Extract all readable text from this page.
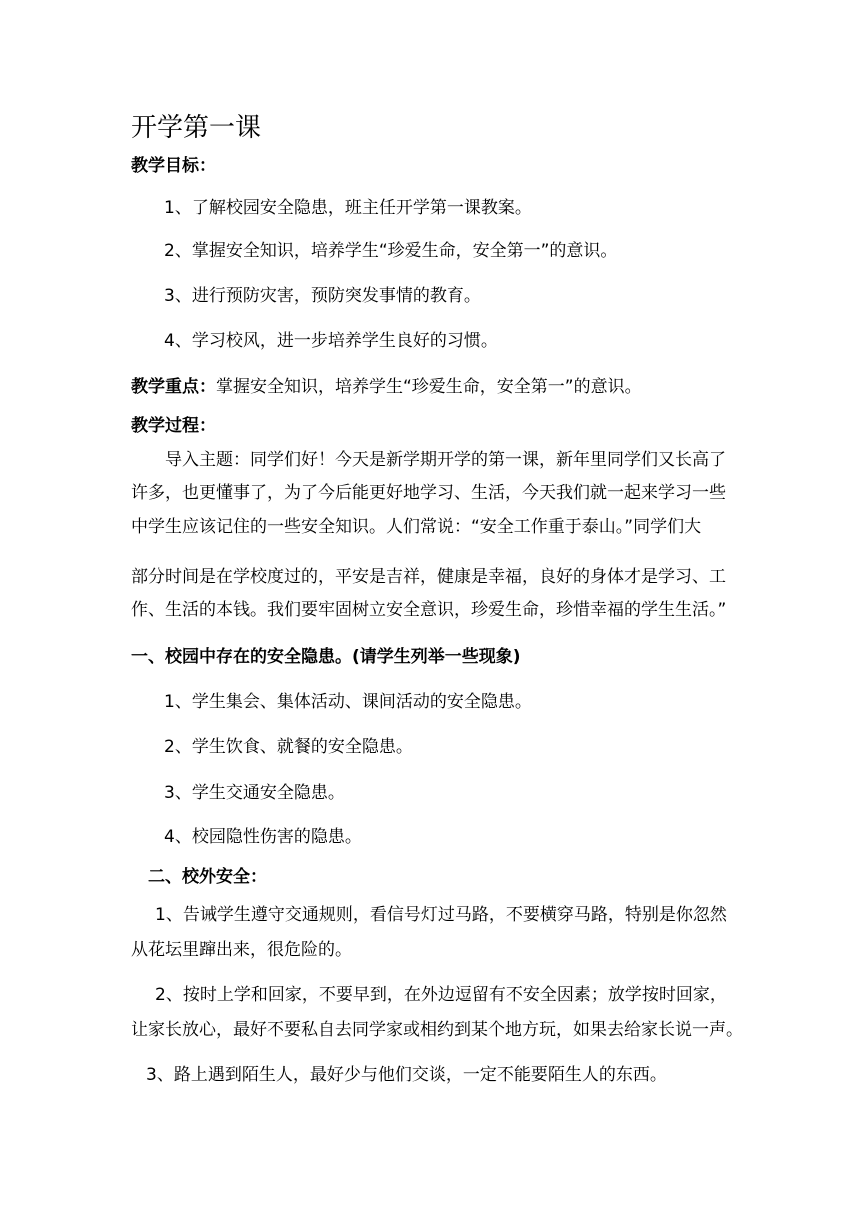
开学第一课
教学目标：
1、了解校园安全隐患，班主任开学第一课教案。
2、掌握安全知识，培养学生“珍爱生命，安全第一”的意识。
3、进行预防灾害，预防突发事情的教育。
4、学习校风，进一步培养学生良好的习惯。
教学重点：掌握安全知识，培养学生“珍爱生命，安全第一”的意识。
教学过程：
导入主题：同学们好！今天是新学期开学的第一课，新年里同学们又长高了
许多，也更懂事了，为了今后能更好地学习、生活，今天我们就一起来学习一些
中学生应该记住的一些安全知识。人们常说：“安全工作重于泰山。”同学们大
部分时间是在学校度过的，平安是吉祥，健康是幸福，良好的身体才是学习、工
作、生活的本钱。我们要牢固树立安全意识，珍爱生命，珍惜幸福的学生生活。”
一、校园中存在的安全隐患。(请学生列举一些现象)
1、学生集会、集体活动、课间活动的安全隐患。
2、学生饮食、就餐的安全隐患。
3、学生交通安全隐患。
4、校园隐性伤害的隐患。
二、校外安全：
1、告诫学生遵守交通规则，看信号灯过马路，不要横穿马路，特别是你忽然
从花坛里蹿出来，很危险的。
2、按时上学和回家，不要早到，在外边逗留有不安全因素；放学按时回家，
让家长放心，最好不要私自去同学家或相约到某个地方玩，如果去给家长说一声。
3、路上遇到陌生人，最好少与他们交谈，一定不能要陌生人的东西。
